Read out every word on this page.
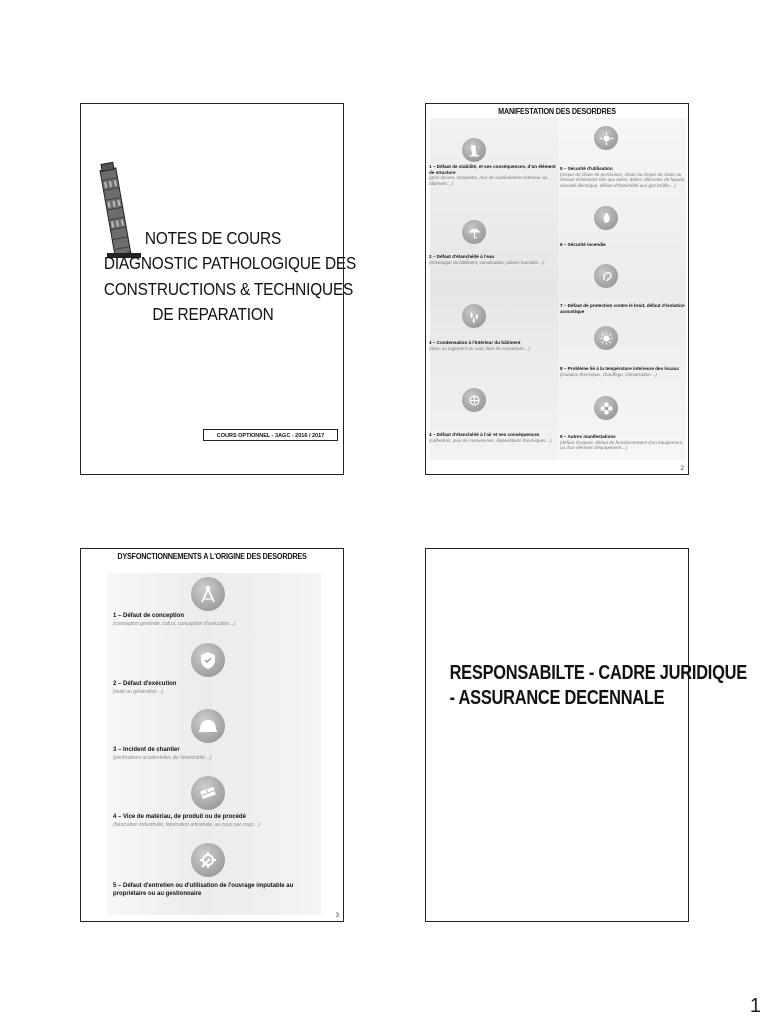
NOTES DE COURS
DIAGNOSTIC PATHOLOGIQUE DES
CONSTRUCTIONS & TECHNIQUES
DE REPARATION
COURS OPTIONNEL - 3AGC - 2016 / 2017
MANIFESTATION DES DESORDRES
1 – Défaut de stabilité, et ses conséquences, d'un élément de structure
(gros œuvre, charpente, mur de soutènement extérieur au bâtiment…)
2 – Défaut d'étanchéité à l'eau
(enveloppe du bâtiment, canalisation, pièces humides…)
3 – Condensation à l'intérieur du bâtiment
(dans un logement ou sous face de couverture…)
4 – Défaut d'étanchéité à l'air et ses conséquences
(calfeutres, jeux de menuiseries, déperditions thermiques…)
5 – Sécurité d'utilisation
(risque de chute de personnes, chute ou risque de chute ou d'envol d'éléments tels que tuiles, dalles, éléments de façade, sécurité électrique, défaut d'étanchéité aux gaz brûlés…)
6 – Sécurité incendie
7 – Défaut de protection contre le bruit, défaut d'isolation acoustique
8 – Problème lié à la température intérieure des locaux
(isolation thermique, chauffage, climatisation…)
9 – Autres manifestations
(défaut d'aspect, défaut de fonctionnement d'un équipement, ou d'un élément d'équipement…)
2
DYSFONCTIONNEMENTS A L'ORIGINE DES DESORDRES
1 – Défaut de conception
(conception générale, calcul, conception d'exécution…)
2 – Défaut d'exécution
(isolé ou généralisé…)
3 – Incident de chantier
(perforations accidentelles de l'étanchéité…)
4 – Vice de matériau, de produit ou de procédé
(fabrication industrielle, fabrication artisanale, au coup par coup…)
5 – Défaut d'entretien ou d'utilisation de l'ouvrage imputable au propriétaire ou au gestionnaire
3
RESPONSABILTE - CADRE JURIDIQUE
- ASSURANCE DECENNALE
1
